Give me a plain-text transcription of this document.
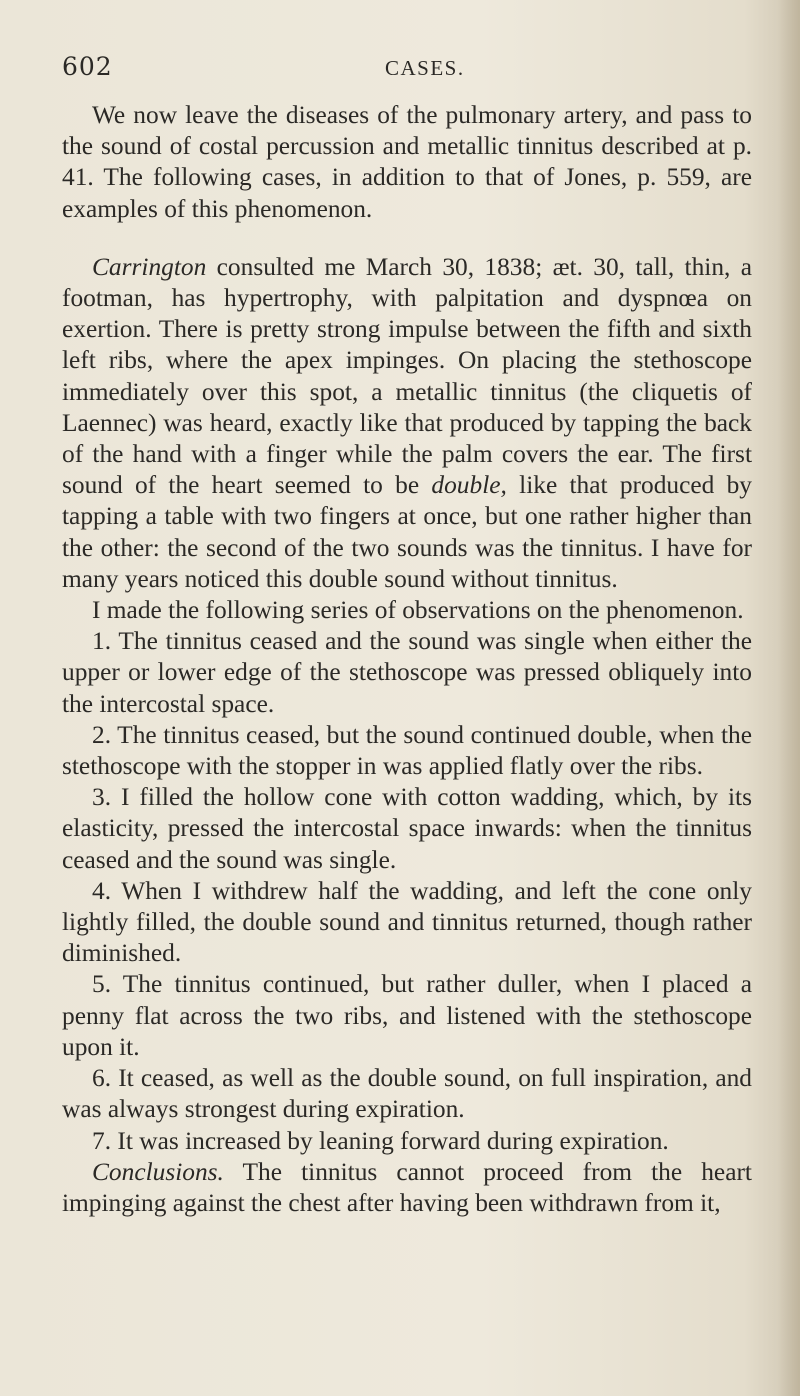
602	CASES.

We now leave the diseases of the pulmonary artery, and pass to the sound of costal percussion and metallic tinnitus described at p. 41. The following cases, in addition to that of Jones, p. 559, are examples of this phenomenon.

Carrington consulted me March 30, 1838; æt. 30, tall, thin, a footman, has hypertrophy, with palpitation and dyspnœa on exertion. There is pretty strong impulse between the fifth and sixth left ribs, where the apex impinges. On placing the stethoscope immediately over this spot, a metallic tinnitus (the cliquetis of Laennec) was heard, exactly like that produced by tapping the back of the hand with a finger while the palm covers the ear. The first sound of the heart seemed to be double, like that produced by tapping a table with two fingers at once, but one rather higher than the other: the second of the two sounds was the tinnitus. I have for many years noticed this double sound without tinnitus.

I made the following series of observations on the phenomenon.

1. The tinnitus ceased and the sound was single when either the upper or lower edge of the stethoscope was pressed obliquely into the intercostal space.

2. The tinnitus ceased, but the sound continued double, when the stethoscope with the stopper in was applied flatly over the ribs.

3. I filled the hollow cone with cotton wadding, which, by its elasticity, pressed the intercostal space inwards: when the tinnitus ceased and the sound was single.

4. When I withdrew half the wadding, and left the cone only lightly filled, the double sound and tinnitus returned, though rather diminished.

5. The tinnitus continued, but rather duller, when I placed a penny flat across the two ribs, and listened with the stethoscope upon it.

6. It ceased, as well as the double sound, on full inspiration, and was always strongest during expiration.

7. It was increased by leaning forward during expiration.

Conclusions. The tinnitus cannot proceed from the heart impinging against the chest after having been withdrawn from it,
